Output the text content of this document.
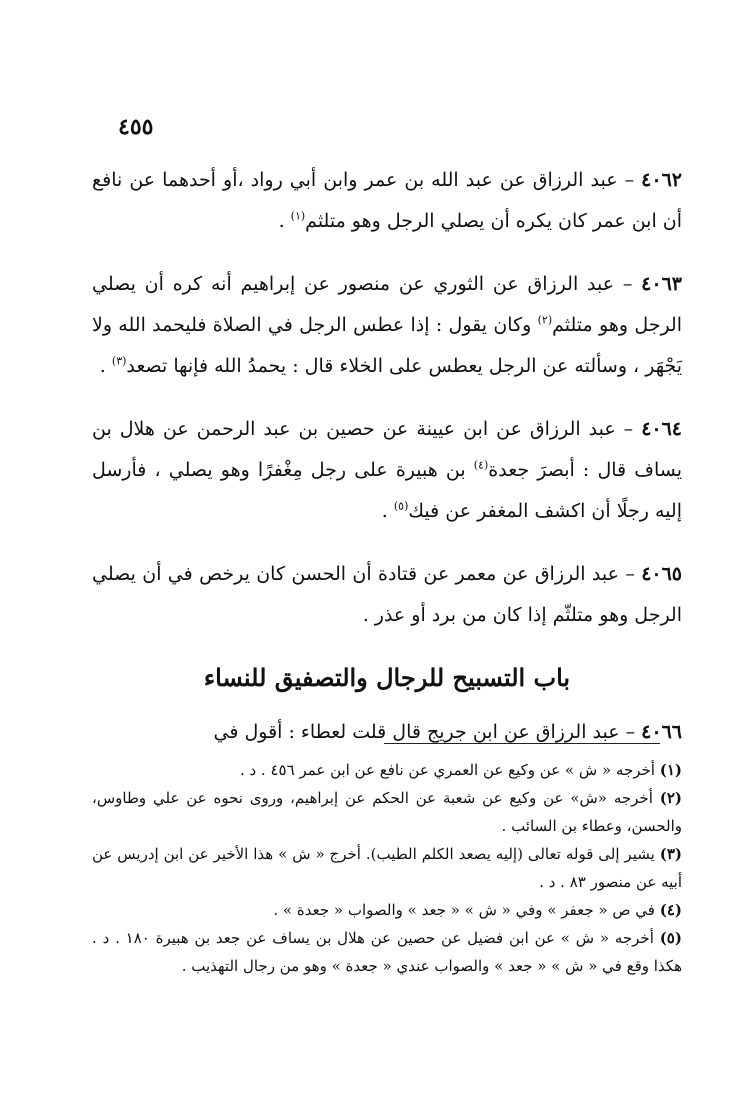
٤٥٥

٤٠٦٢ – عبد الرزاق عن عبد الله بن عمر وابن أبي رواد ،أو أحدهما عن نافع أن ابن عمر كان يكره أن يصلي الرجل وهو متلثم$^{(١)}$ .

٤٠٦٣ – عبد الرزاق عن الثوري عن منصور عن إبراهيم أنه كره أن يصلي الرجل وهو متلثم$^{(٢)}$ وكان يقول : إذا عطس الرجل في الصلاة فليحمد الله ولا يَجْهَر ، وسألته عن الرجل يعطس على الخلاء قال : يحمدُ الله فإنها تصعد$^{(٣)}$ .

٤٠٦٤ – عبد الرزاق عن ابن عيينة عن حصين بن عبد الرحمن عن هلال بن يساف قال : أبصرَ جعدة$^{(٤)}$ بن هبيرة على رجل مِغْفرًا وهو يصلي ، فأرسل إليه رجلًا أن اكشف المغفر عن فيك$^{(٥)}$ .

٤٠٦٥ – عبد الرزاق عن معمر عن قتادة أن الحسن كان يرخص في أن يصلي الرجل وهو متلثّم إذا كان من برد أو عذر .

باب التسبيح للرجال والتصفيق للنساء

٤٠٦٦ – عبد الرزاق عن ابن جريج قال قلت لعطاء : أقول في

(١) أخرجه « ش » عن وكيع عن العمري عن نافع عن ابن عمر ٤٥٦ . د .

(٢) أخرجه «ش» عن وكيع عن شعبة عن الحكم عن إبراهيم، وروى نحوه عن علي وطاوس، والحسن، وعطاء بن السائب .

(٣) يشير إلى قوله تعالى (إليه يصعد الكلم الطيب). أخرج « ش » هذا الأخير عن ابن إدريس عن أبيه عن منصور ٨٣ . د .

(٤) في ص « جعفر » وفي « ش » « جعد » والصواب « جعدة » .

(٥) أخرجه « ش » عن ابن فضيل عن حصين عن هلال بن يساف عن جعد بن هبيرة ١٨٠ . د . هكذا وقع في « ش » « جعد » والصواب عندي « جعدة » وهو من رجال التهذيب .
